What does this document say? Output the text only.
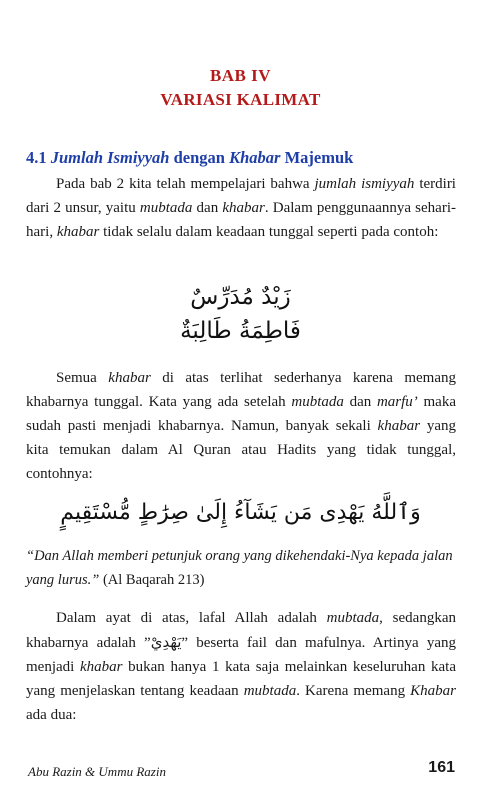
BAB IV
VARIASI KALIMAT
4.1 Jumlah Ismiyyah dengan Khabar Majemuk

Pada bab 2 kita telah mempelajari bahwa jumlah ismiyyah terdiri dari 2 unsur, yaitu mubtada dan khabar. Dalam penggunaannya sehari-hari, khabar tidak selalu dalam keadaan tunggal seperti pada contoh:

زَيْدٌ مُدَرِّسٌ
فَاطِمَةُ طَالِبَةٌ

Semua khabar di atas terlihat sederhanya karena memang khabarnya tunggal. Kata yang ada setelah mubtada dan marfu’ maka sudah pasti menjadi khabarnya. Namun, banyak sekali khabar yang kita temukan dalam Al Quran atau Hadits yang tidak tunggal, contohnya:

وَٱللَّهُ يَهْدِى مَن يَشَآءُ إِلَىٰ صِرَٰطٍ مُّسْتَقِيمٍ
“Dan Allah memberi petunjuk orang yang dikehendaki-Nya kepada jalan yang lurus.” (Al Baqarah 213)

Dalam ayat di atas, lafal Allah adalah mubtada, sedangkan khabarnya adalah ”يَهْدِيْ” beserta fail dan mafulnya. Artinya yang menjadi khabar bukan hanya 1 kata saja melainkan keseluruhan kata yang menjelaskan tentang keadaan mubtada. Karena memang Khabar ada dua:

Abu Razin & Ummu Razin	161
